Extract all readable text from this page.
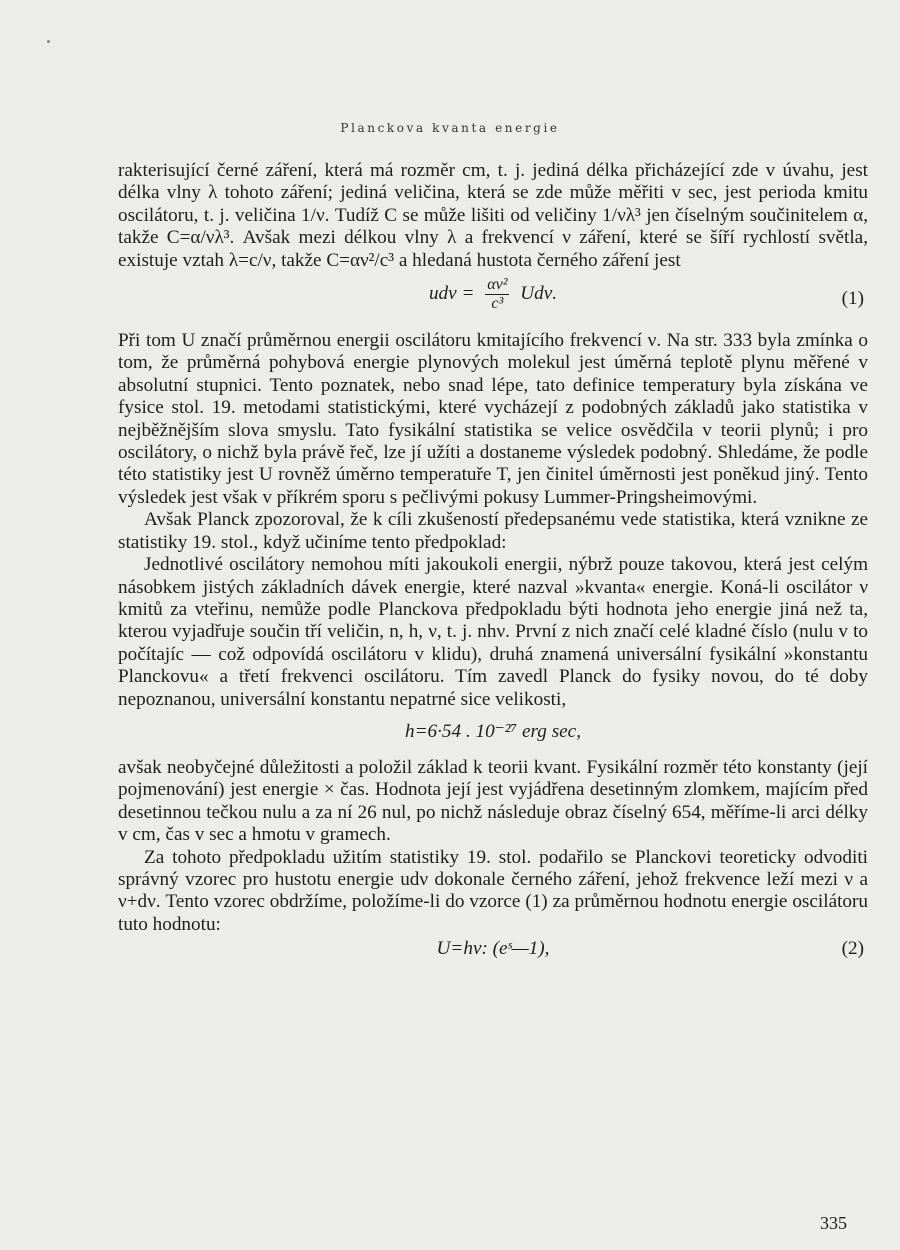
Planckova kvanta energie

rakterisující černé záření, která má rozměr cm, t. j. jediná délka přicházející zde v úvahu, jest délka vlny λ tohoto záření; jediná veličina, která se zde může měřiti v sec, jest perioda kmitu oscilátoru, t. j. veličina 1/ν. Tudíž C se může lišiti od veličiny 1/νλ³ jen číselným součinitelem α, takže C=α/νλ³. Avšak mezi délkou vlny λ a frekvencí ν záření, které se šíří rychlostí světla, existuje vztah λ=c/ν, takže C=αν²/c³ a hledaná hustota černého záření jest

$ud\nu = \frac{\text{αν²}}{\text{c³}} Ud\nu$.	(1)

Při tom U značí průměrnou energii oscilátoru kmitajícího frekvencí ν. Na str. 333 byla zmínka o tom, že průměrná pohybová energie plynových molekul jest úměrná teplotě plynu měřené v absolutní stupnici. Tento poznatek, nebo snad lépe, tato definice temperatury byla získána ve fysice stol. 19. metodami statistickými, které vycházejí z podobných základů jako statistika v nejběžnějším slova smyslu. Tato fysikální statistika se velice osvědčila v teorii plynů; i pro oscilátory, o nichž byla právě řeč, lze jí užíti a dostaneme výsledek podobný. Shledáme, že podle této statistiky jest U rovněž úměrno temperatuře T, jen činitel úměrnosti jest poněkud jiný. Tento výsledek jest však v příkrém sporu s pečlivými pokusy Lummer-Pringsheimovými.

Avšak Planck zpozoroval, že k cíli zkušeností předepsanému vede statistika, která vznikne ze statistiky 19. stol., když učiníme tento předpoklad:

Jednotlivé oscilátory nemohou míti jakoukoli energii, nýbrž pouze takovou, která jest celým násobkem jistých základních dávek energie, které nazval »kvanta« energie. Koná-li oscilátor ν kmitů za vteřinu, nemůže podle Planckova předpokladu býti hodnota jeho energie jiná než ta, kterou vyjadřuje součin tří veličin, n, h, ν, t. j. nhν. První z nich značí celé kladné číslo (nulu v to počítajíc — což odpovídá oscilátoru v klidu), druhá znamená universální fysikální »konstantu Planckovu« a třetí frekvenci oscilátoru. Tím zavedl Planck do fysiky novou, do té doby nepoznanou, universální konstantu nepatrné sice velikosti,

h=6·54 . 10⁻²⁷ erg sec,

avšak neobyčejné důležitosti a položil základ k teorii kvant. Fysikální rozměr této konstanty (její pojmenování) jest energie × čas. Hodnota její jest vyjádřena desetinným zlomkem, majícím před desetinnou tečkou nulu a za ní 26 nul, po nichž následuje obraz číselný 654, měříme-li arci délky v cm, čas v sec a hmotu v gramech.

Za tohoto předpokladu užitím statistiky 19. stol. podařilo se Planckovi teoreticky odvoditi správný vzorec pro hustotu energie udν dokonale černého záření, jehož frekvence leží mezi ν a ν+dν. Tento vzorec obdržíme, položíme-li do vzorce (1) za průměrnou hodnotu energie oscilátoru tuto hodnotu:

U=hν: (eˢ—1),	(2)
335
